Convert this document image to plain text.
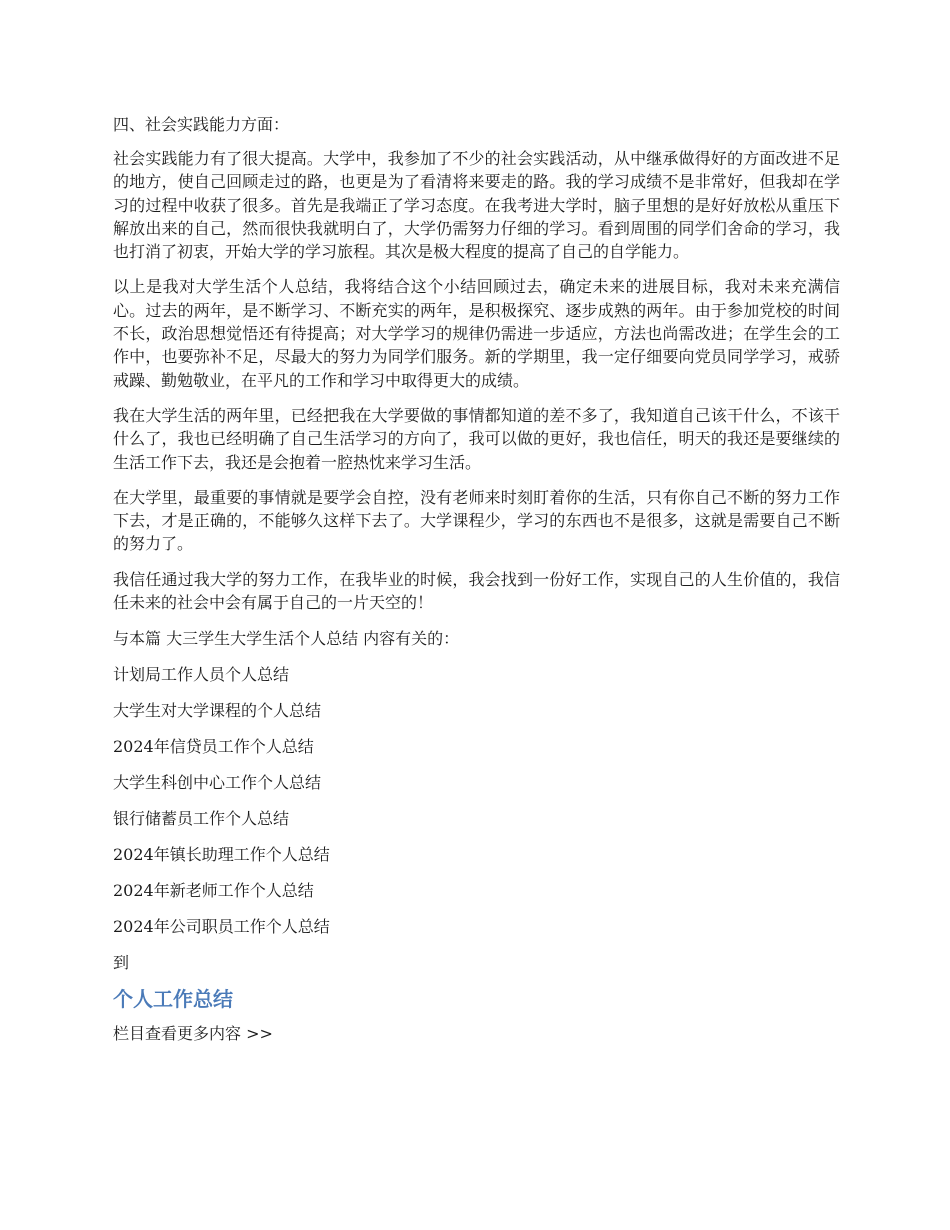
四、社会实践能力方面：

社会实践能力有了很大提高。大学中，我参加了不少的社会实践活动，从中继承做得好的方面改进不足的地方，使自己回顾走过的路，也更是为了看清将来要走的路。我的学习成绩不是非常好，但我却在学习的过程中收获了很多。首先是我端正了学习态度。在我考进大学时，脑子里想的是好好放松从重压下解放出来的自己，然而很快我就明白了，大学仍需努力仔细的学习。看到周围的同学们舍命的学习，我也打消了初衷，开始大学的学习旅程。其次是极大程度的提高了自己的自学能力。

以上是我对大学生活个人总结，我将结合这个小结回顾过去，确定未来的进展目标，我对未来充满信心。过去的两年，是不断学习、不断充实的两年，是积极探究、逐步成熟的两年。由于参加党校的时间不长，政治思想觉悟还有待提高；对大学学习的规律仍需进一步适应，方法也尚需改进；在学生会的工作中，也要弥补不足，尽最大的努力为同学们服务。新的学期里，我一定仔细要向党员同学学习，戒骄戒躁、勤勉敬业，在平凡的工作和学习中取得更大的成绩。

我在大学生活的两年里，已经把我在大学要做的事情都知道的差不多了，我知道自己该干什么，不该干什么了，我也已经明确了自己生活学习的方向了，我可以做的更好，我也信任，明天的我还是要继续的生活工作下去，我还是会抱着一腔热忱来学习生活。

在大学里，最重要的事情就是要学会自控，没有老师来时刻盯着你的生活，只有你自己不断的努力工作下去，才是正确的，不能够久这样下去了。大学课程少，学习的东西也不是很多，这就是需要自己不断的努力了。

我信任通过我大学的努力工作，在我毕业的时候，我会找到一份好工作，实现自己的人生价值的，我信任未来的社会中会有属于自己的一片天空的！

与本篇 大三学生大学生活个人总结 内容有关的：

计划局工作人员个人总结
大学生对大学课程的个人总结
2024年信贷员工作个人总结
大学生科创中心工作个人总结
银行储蓄员工作个人总结
2024年镇长助理工作个人总结
2024年新老师工作个人总结
2024年公司职员工作个人总结

到

个人工作总结
栏目查看更多内容 >>
